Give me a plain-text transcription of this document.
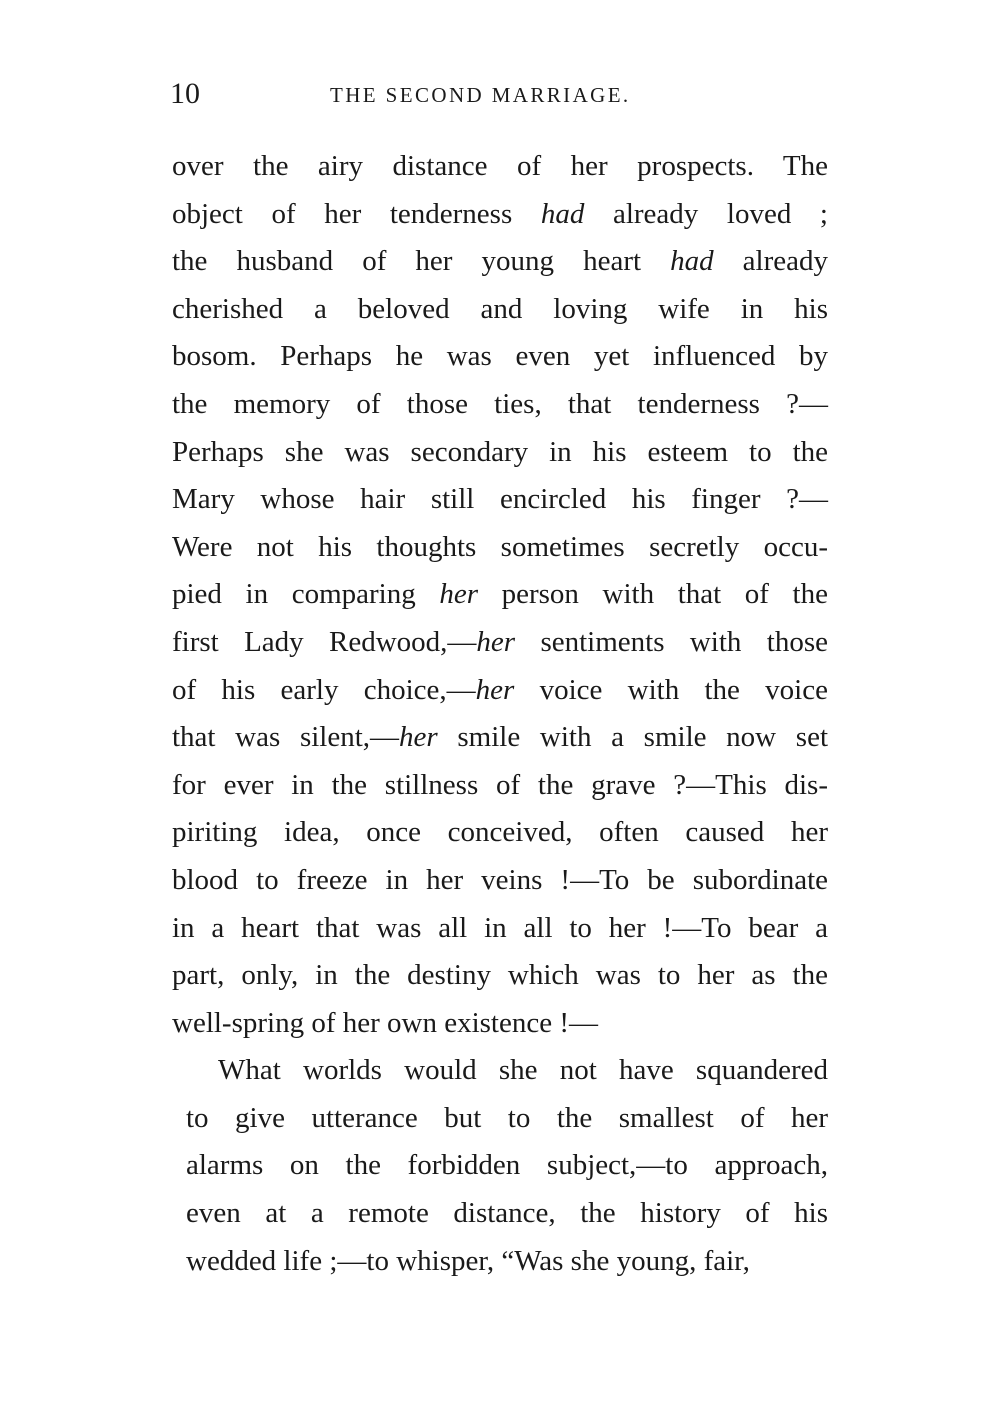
10	THE SECOND MARRIAGE.
over the airy distance of her prospects. The
object of her tenderness had already loved ;
the husband of her young heart had already
cherished a beloved and loving wife in his
bosom. Perhaps he was even yet influenced by
the memory of those ties, that tenderness ?—
Perhaps she was secondary in his esteem to the
Mary whose hair still encircled his finger ?—
Were not his thoughts sometimes secretly occu-
pied in comparing her person with that of the
first Lady Redwood,—her sentiments with those
of his early choice,—her voice with the voice
that was silent,—her smile with a smile now set
for ever in the stillness of the grave ?—This dis-
piriting idea, once conceived, often caused her
blood to freeze in her veins !—To be subordinate
in a heart that was all in all to her !—To bear a
part, only, in the destiny which was to her as the
well-spring of her own existence !—
What worlds would she not have squandered
to give utterance but to the smallest of her
alarms on the forbidden subject,—to approach,
even at a remote distance, the history of his
wedded life ;—to whisper, “Was she young, fair,
